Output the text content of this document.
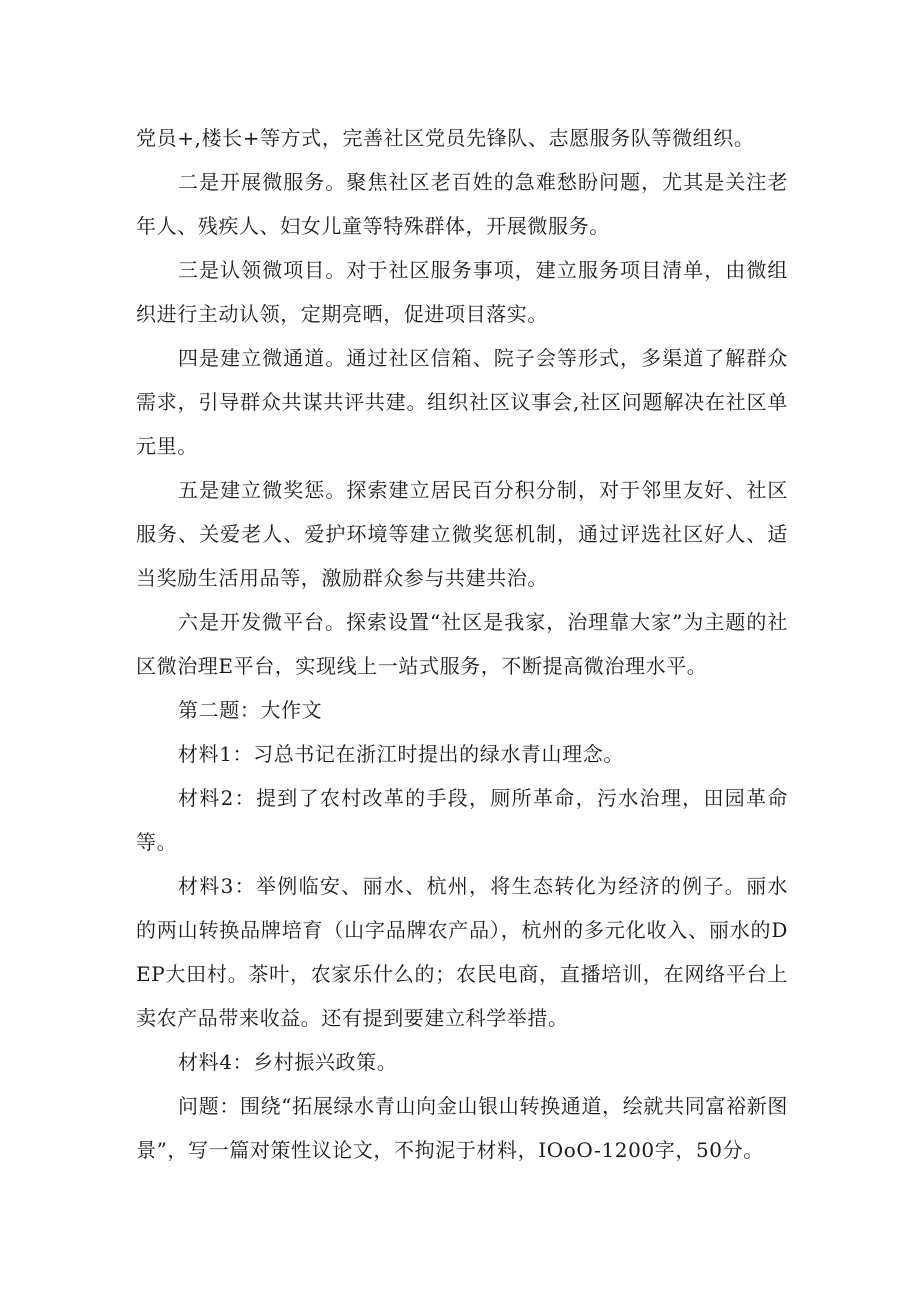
党员+,楼长+等方式，完善社区党员先锋队、志愿服务队等微组织。

二是开展微服务。聚焦社区老百姓的急难愁盼问题，尤其是关注老年人、残疾人、妇女儿童等特殊群体，开展微服务。

三是认领微项目。对于社区服务事项，建立服务项目清单，由微组织进行主动认领，定期亮晒，促进项目落实。

四是建立微通道。通过社区信箱、院子会等形式，多渠道了解群众需求，引导群众共谋共评共建。组织社区议事会,社区问题解决在社区单元里。

五是建立微奖惩。探索建立居民百分积分制，对于邻里友好、社区服务、关爱老人、爱护环境等建立微奖惩机制，通过评选社区好人、适当奖励生活用品等，激励群众参与共建共治。

六是开发微平台。探索设置“社区是我家，治理靠大家”为主题的社区微治理E平台，实现线上一站式服务，不断提高微治理水平。

第二题：大作文

材料1：习总书记在浙江时提出的绿水青山理念。

材料2：提到了农村改革的手段，厕所革命，污水治理，田园革命等。

材料3：举例临安、丽水、杭州，将生态转化为经济的例子。丽水的两山转换品牌培育（山字品牌农产品），杭州的多元化收入、丽水的DEP大田村。茶叶，农家乐什么的；农民电商，直播培训，在网络平台上卖农产品带来收益。还有提到要建立科学举措。

材料4：乡村振兴政策。

问题：围绕“拓展绿水青山向金山银山转换通道，绘就共同富裕新图景”，写一篇对策性议论文，不拘泥于材料，IOoO-1200字，50分。
